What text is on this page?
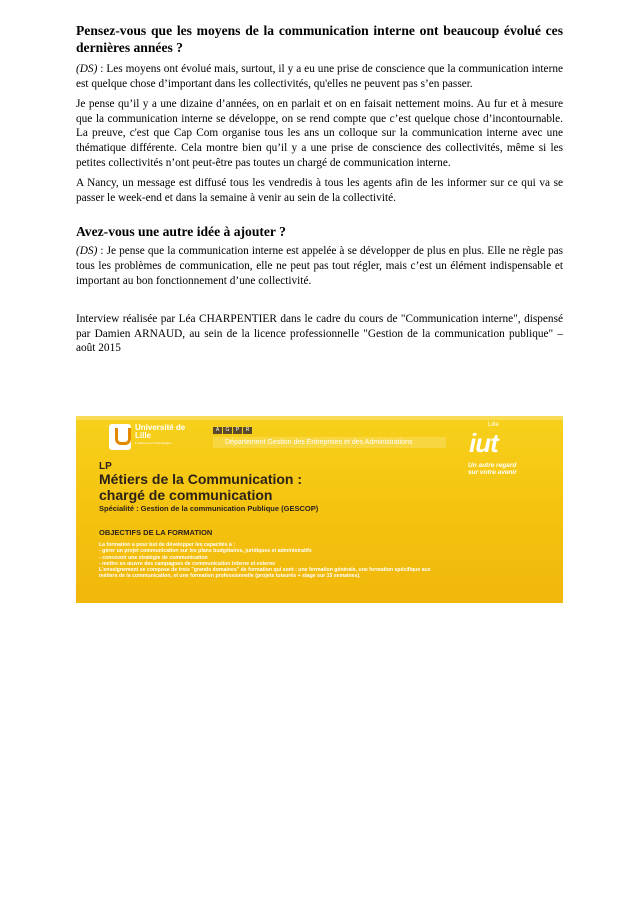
Pensez-vous que les moyens de la communication interne ont beaucoup évolué ces dernières années ?

(DS) : Les moyens ont évolué mais, surtout, il y a eu une prise de conscience que la communication interne est quelque chose d’important dans les collectivités, qu'elles ne peuvent pas s’en passer.

Je pense qu’il y a une dizaine d’années, on en parlait et on en faisait nettement moins. Au fur et à mesure que la communication interne se développe, on se rend compte que c’est quelque chose d’incontournable. La preuve, c'est que Cap Com organise tous les ans un colloque sur la communication interne avec une thématique différente. Cela montre bien qu’il y a une prise de conscience des collectivités, même si les petites collectivités n’ont peut-être pas toutes un chargé de communication interne.

A Nancy, un message est diffusé tous les vendredis à tous les agents afin de les informer sur ce qui va se passer le week-end et dans la semaine à venir au sein de la collectivité.

Avez-vous une autre idée à ajouter ?

(DS) : Je pense que la communication interne est appelée à se développer de plus en plus. Elle ne règle pas tous les problèmes de communication, elle ne peut pas tout régler, mais c’est un élément indispensable et important au bon fonctionnement d’une collectivité.

Interview réalisée par Léa CHARPENTIER dans le cadre du cours de "Communication interne", dispensé par Damien ARNAUD, au sein de la licence professionnelle "Gestion de la communication publique" – août 2015

Université de Lille
1 Sciences et Technologies
A G P R
Département Gestion des Entreprises et des Administrations
Lille
iut
Un autre regard
sur votre avenir
LP
Métiers de la Communication :
chargé de communication
Spécialité : Gestion de la communication Publique (GESCOP)
OBJECTIFS DE LA FORMATION
La formation a pour but de développer les capacités à :
- gérer un projet communication sur les plans budgétaires, juridiques et administratifs
- concevoir une stratégie de communication
- mettre en œuvre des campagnes de communication interne et externe
L'enseignement se compose de trois "grands domaines" de formation qui sont : une formation générale, une formation spécifique aux
métiers de la communication, et une formation professionnelle (projets tuteurés + stage sur 15 semaines).
